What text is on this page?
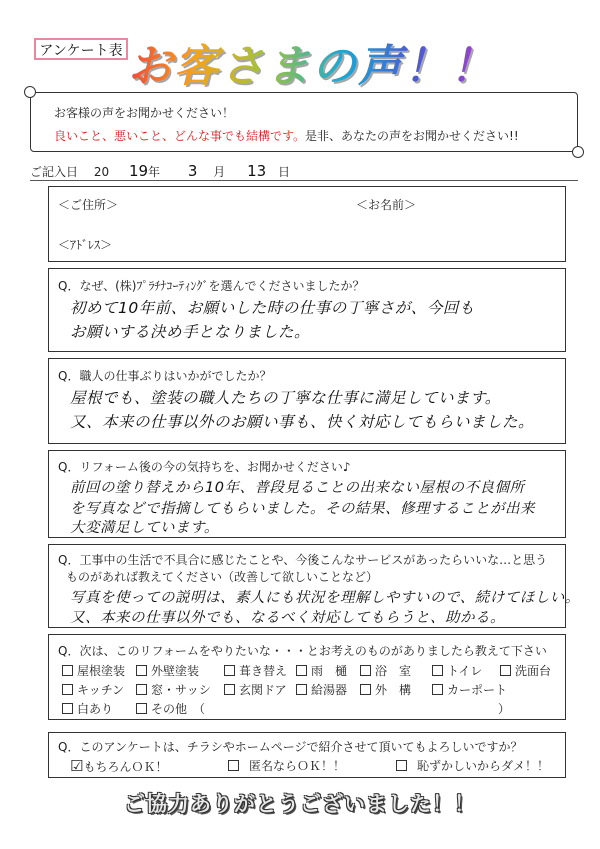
アンケート表 お客さまの声！！
お客様の声をお聞かせください！
良いこと、悪いこと、どんな事でも結構です。是非、あなたの声をお聞かせください!!
ご記入日 20 19年 3 月 13 日
＜ご住所＞	＜お名前＞
＜ｱﾄﾞﾚｽ＞
Q．なぜ、(株)ﾌﾟﾗﾁﾅｺｰﾃｨﾝｸﾞを選んでくださいましたか？
初めて10年前、お願いした時の仕事の丁寧さが、今回も
お願いする決め手となりました。
Q．職人の仕事ぶりはいかがでしたか？
屋根でも、塗装の職人たちの丁寧な仕事に満足しています。
又、本来の仕事以外のお願い事も、快く対応してもらいました。
Q．リフォーム後の今の気持ちを、お聞かせください♪
前回の塗り替えから10年、普段見ることの出来ない屋根の不良個所
を写真などで指摘してもらいました。その結果、修理することが出来
大変満足しています。
Q．工事中の生活で不具合に感じたことや、今後こんなサービスがあったらいいな…と思う
ものがあれば教えてください（改善して欲しいことなど）
写真を使っての説明は、素人にも状況を理解しやすいので、続けてほしい。
又、本来の仕事以外でも、なるべく対応してもらうと、助かる。
Q．次は、このリフォームをやりたいな・・・とお考えのものがありましたら教えて下さい
屋根塗装	外壁塗装	葺き替え	雨　樋	浴　室	トイレ	洗面台
キッチン	窓・サッシ	玄関ドア	給湯器	外　構	カーポート
白あり	その他　（	）
Q．このアンケートは、チラシやホームページで紹介させて頂いてもよろしいですか？
☑もちろんＯＫ！	匿名ならＯＫ！！	恥ずかしいからダメ！！
ご協力ありがとうございました！！
